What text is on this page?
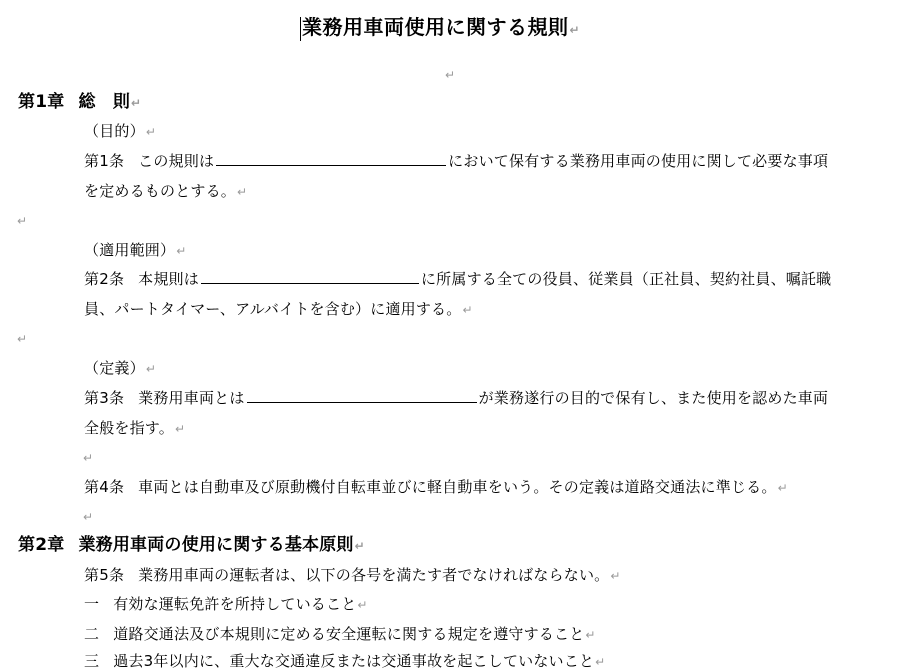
業務用車両使用に関する規則↵
↵
第1章 総　則↵
（目的）↵
第1条 この規則は	において保有する業務用車両の使用に関して必要な事項
を定めるものとする。↵
↵
（適用範囲）↵
第2条 本規則は	に所属する全ての役員、従業員（正社員、契約社員、嘱託職
員、パートタイマー、アルバイトを含む）に適用する。↵
↵
（定義）↵
第3条 業務用車両とは	が業務遂行の目的で保有し、また使用を認めた車両
全般を指す。↵
↵
第4条 車両とは自動車及び原動機付自転車並びに軽自動車をいう。その定義は道路交通法に準じる。↵
↵
第2章 業務用車両の使用に関する基本原則↵
第5条 業務用車両の運転者は、以下の各号を満たす者でなければならない。↵
一 有効な運転免許を所持していること↵
二 道路交通法及び本規則に定める安全運転に関する規定を遵守すること↵
三 過去3年以内に、重大な交通違反または交通事故を起こしていないこと↵
